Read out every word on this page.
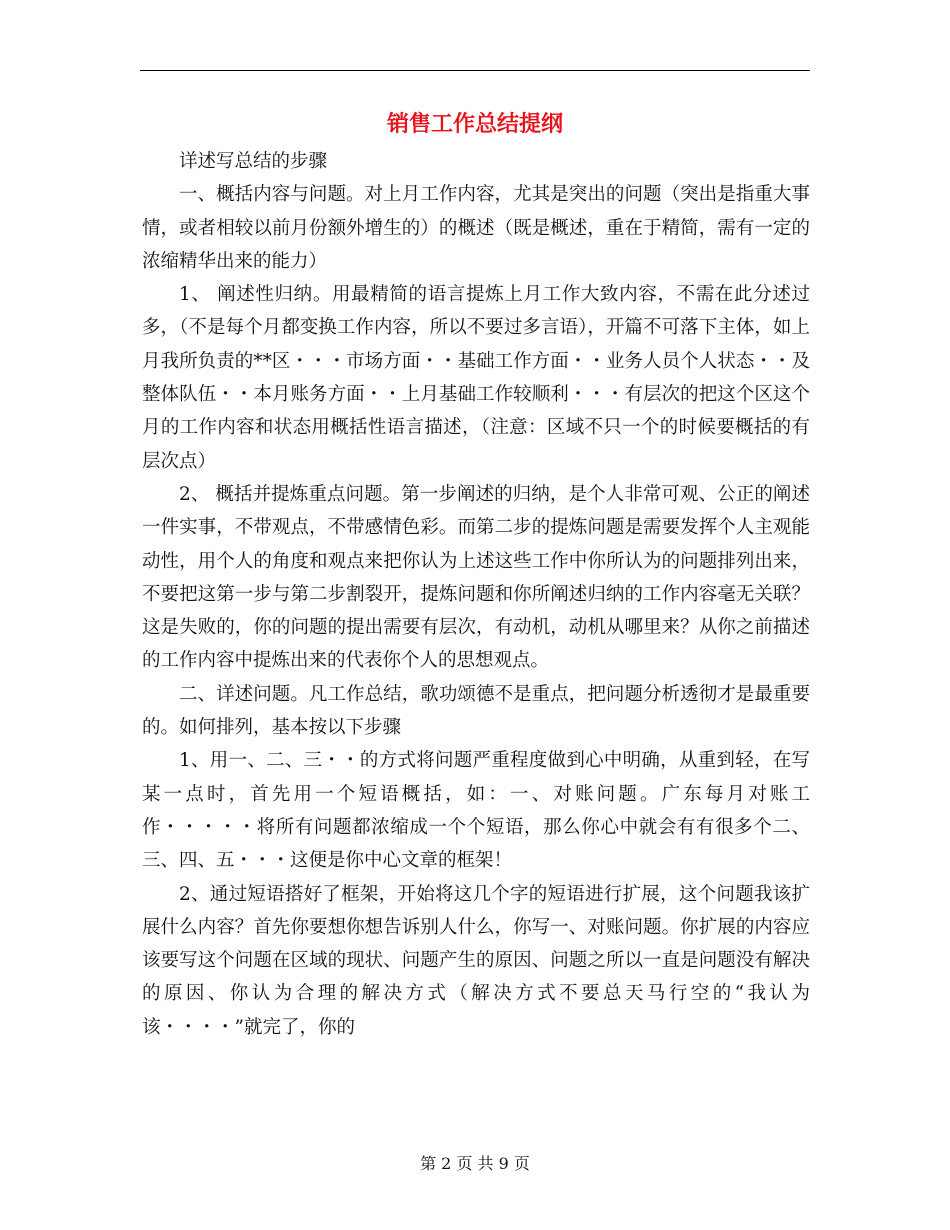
销售工作总结提纲

详述写总结的步骤

一、概括内容与问题。对上月工作内容，尤其是突出的问题（突出是指重大事情，或者相较以前月份额外增生的）的概述（既是概述，重在于精简，需有一定的浓缩精华出来的能力）

1、 阐述性归纳。用最精简的语言提炼上月工作大致内容，不需在此分述过多，（不是每个月都变换工作内容，所以不要过多言语），开篇不可落下主体，如上月我所负责的**区・・・市场方面・・基础工作方面・・业务人员个人状态・・及整体队伍・・本月账务方面・・上月基础工作较顺利・・・有层次的把这个区这个月的工作内容和状态用概括性语言描述，（注意：区域不只一个的时候要概括的有层次点）

2、 概括并提炼重点问题。第一步阐述的归纳，是个人非常可观、公正的阐述一件实事，不带观点，不带感情色彩。而第二步的提炼问题是需要发挥个人主观能动性，用个人的角度和观点来把你认为上述这些工作中你所认为的问题排列出来，不要把这第一步与第二步割裂开，提炼问题和你所阐述归纳的工作内容毫无关联？这是失败的，你的问题的提出需要有层次，有动机，动机从哪里来？从你之前描述的工作内容中提炼出来的代表你个人的思想观点。

二、详述问题。凡工作总结，歌功颂德不是重点，把问题分析透彻才是最重要的。如何排列，基本按以下步骤

1、用一、二、三・・的方式将问题严重程度做到心中明确，从重到轻，在写某一点时，首先用一个短语概括，如：一、对账问题。广东每月对账工作・・・・・将所有问题都浓缩成一个个短语，那么你心中就会有有很多个二、三、四、五・・・这便是你中心文章的框架！

2、通过短语搭好了框架，开始将这几个字的短语进行扩展，这个问题我该扩展什么内容？首先你要想你想告诉别人什么，你写一、对账问题。你扩展的内容应该要写这个问题在区域的现状、问题产生的原因、问题之所以一直是问题没有解决的原因、你认为合理的解决方式（解决方式不要总天马行空的“我认为该・・・・”就完了，你的

第 2 页 共 9 页
